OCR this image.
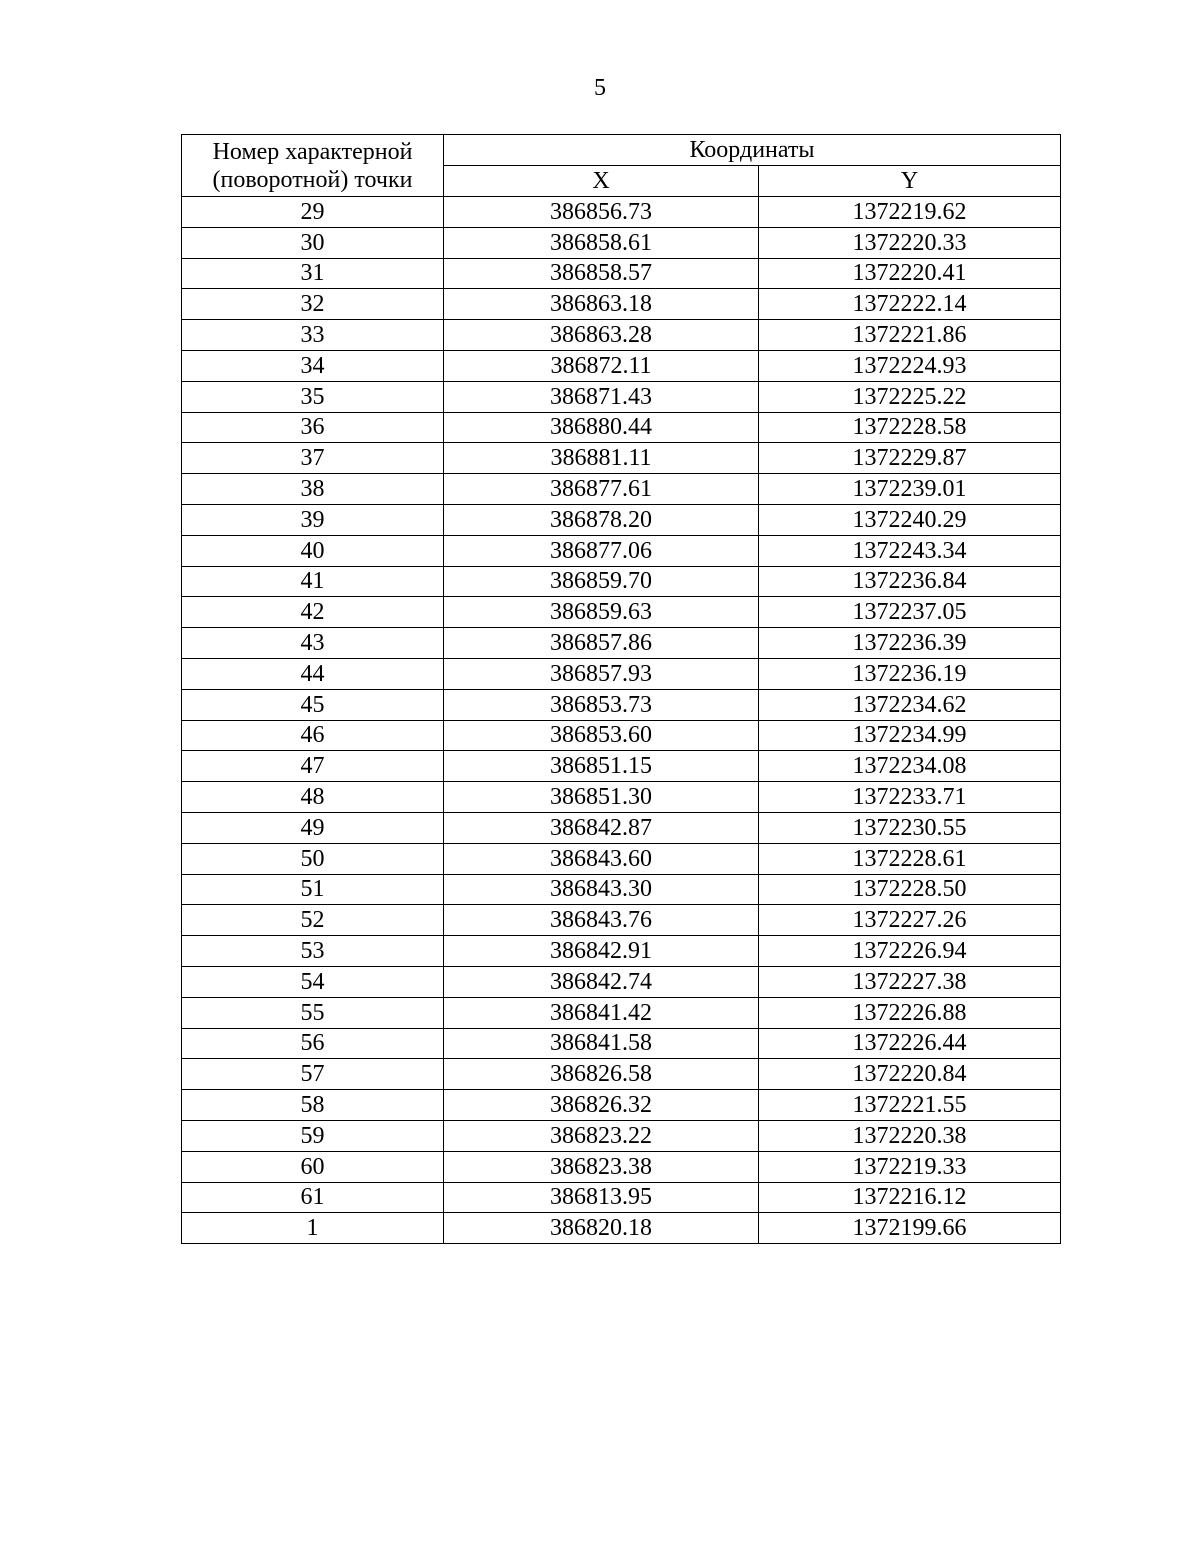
5
Номер характерной
(поворотной) точки	Координаты	
	X	Y
29	386856.73	1372219.62
30	386858.61	1372220.33
31	386858.57	1372220.41
32	386863.18	1372222.14
33	386863.28	1372221.86
34	386872.11	1372224.93
35	386871.43	1372225.22
36	386880.44	1372228.58
37	386881.11	1372229.87
38	386877.61	1372239.01
39	386878.20	1372240.29
40	386877.06	1372243.34
41	386859.70	1372236.84
42	386859.63	1372237.05
43	386857.86	1372236.39
44	386857.93	1372236.19
45	386853.73	1372234.62
46	386853.60	1372234.99
47	386851.15	1372234.08
48	386851.30	1372233.71
49	386842.87	1372230.55
50	386843.60	1372228.61
51	386843.30	1372228.50
52	386843.76	1372227.26
53	386842.91	1372226.94
54	386842.74	1372227.38
55	386841.42	1372226.88
56	386841.58	1372226.44
57	386826.58	1372220.84
58	386826.32	1372221.55
59	386823.22	1372220.38
60	386823.38	1372219.33
61	386813.95	1372216.12
1	386820.18	1372199.66
